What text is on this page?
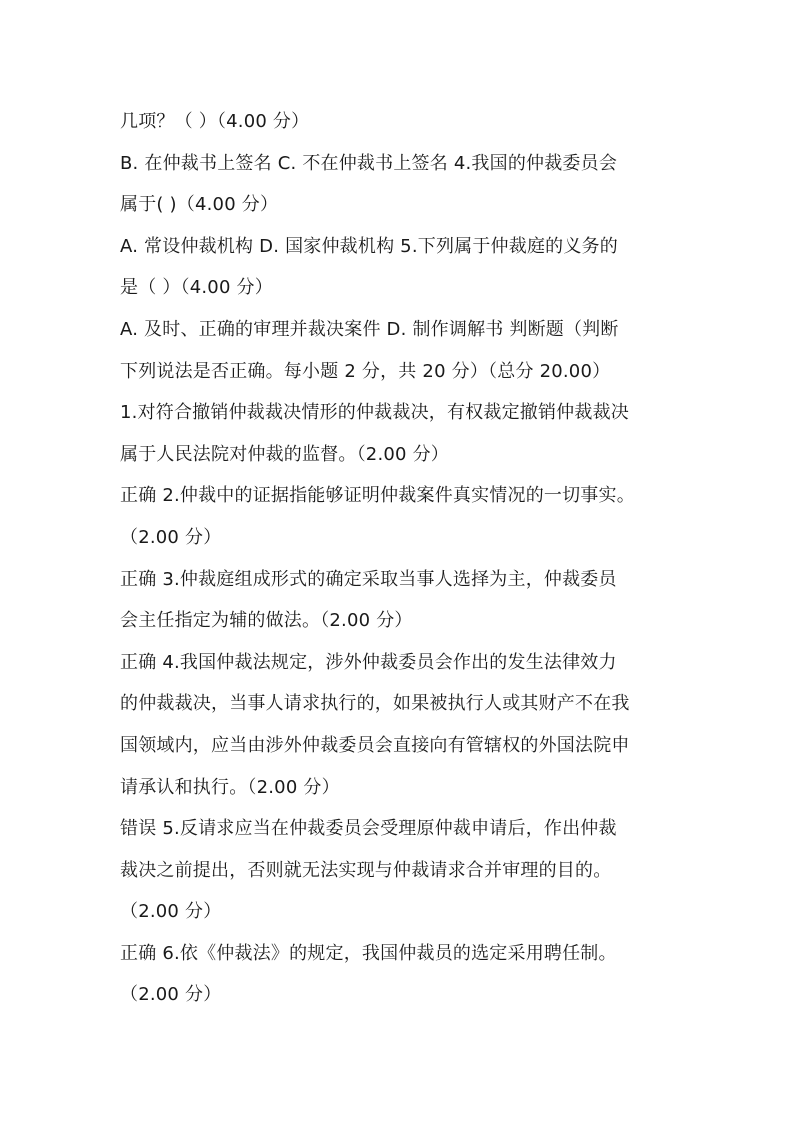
几项？（ ）（4.00 分）
B. 在仲裁书上签名 C. 不在仲裁书上签名 4.我国的仲裁委员会
属于( )（4.00 分）
A. 常设仲裁机构 D. 国家仲裁机构 5.下列属于仲裁庭的义务的
是（ ）（4.00 分）
A. 及时、正确的审理并裁决案件 D. 制作调解书 判断题（判断
下列说法是否正确。每小题 2 分，共 20 分）（总分 20.00）
1.对符合撤销仲裁裁决情形的仲裁裁决，有权裁定撤销仲裁裁决
属于人民法院对仲裁的监督。（2.00 分）
正确 2.仲裁中的证据指能够证明仲裁案件真实情况的一切事实。
（2.00 分）
正确 3.仲裁庭组成形式的确定采取当事人选择为主，仲裁委员
会主任指定为辅的做法。（2.00 分）
正确 4.我国仲裁法规定，涉外仲裁委员会作出的发生法律效力
的仲裁裁决，当事人请求执行的，如果被执行人或其财产不在我
国领域内，应当由涉外仲裁委员会直接向有管辖权的外国法院申
请承认和执行。（2.00 分）
错误 5.反请求应当在仲裁委员会受理原仲裁申请后，作出仲裁
裁决之前提出，否则就无法实现与仲裁请求合并审理的目的。
（2.00 分）
正确 6.依《仲裁法》的规定，我国仲裁员的选定采用聘任制。
（2.00 分）
